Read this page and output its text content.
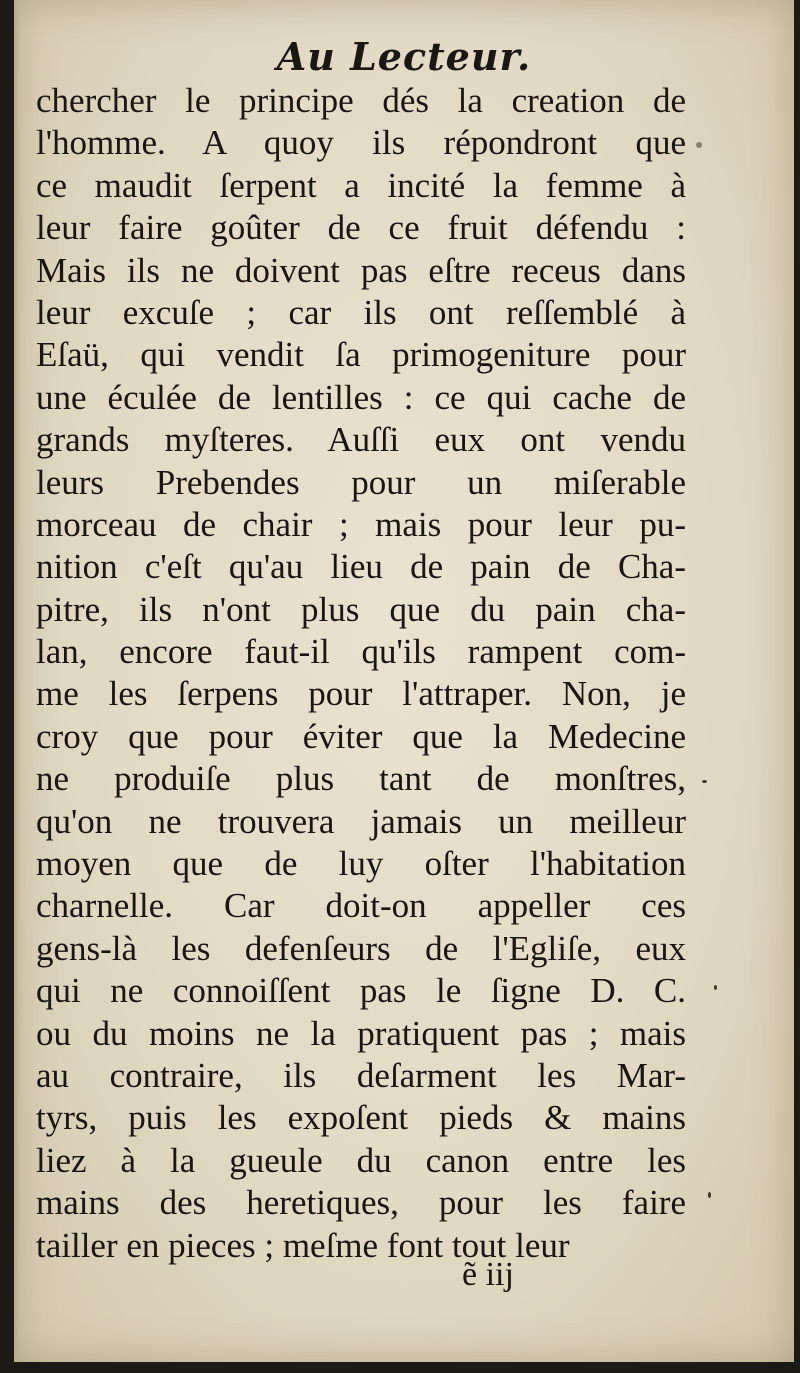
Au Lecteur.
chercher le principe dés la creation de
l'homme. A quoy ils répondront que
ce maudit ſerpent a incité la femme à
leur faire goûter de ce fruit défendu :
Mais ils ne doivent pas eſtre receus dans
leur excuſe ; car ils ont reſſemblé à
Eſaü, qui vendit ſa primogeniture pour
une éculée de lentilles : ce qui cache de
grands myſteres. Auſſi eux ont vendu
leurs Prebendes pour un miſerable
morceau de chair ; mais pour leur pu-
nition c'eſt qu'au lieu de pain de Cha-
pitre, ils n'ont plus que du pain cha-
lan, encore faut-il qu'ils rampent com-
me les ſerpens pour l'attraper. Non, je
croy que pour éviter que la Medecine
ne produiſe plus tant de monſtres,
qu'on ne trouvera jamais un meilleur
moyen que de luy oſter l'habitation
charnelle. Car doit-on appeller ces
gens-là les defenſeurs de l'Egliſe, eux
qui ne connoiſſent pas le ſigne D. C.
ou du moins ne la pratiquent pas ; mais
au contraire, ils deſarment les Mar-
tyrs, puis les expoſent pieds & mains
liez à la gueule du canon entre les
mains des heretiques, pour les faire
tailler en pieces ; meſme font tout leur

ẽ iij
